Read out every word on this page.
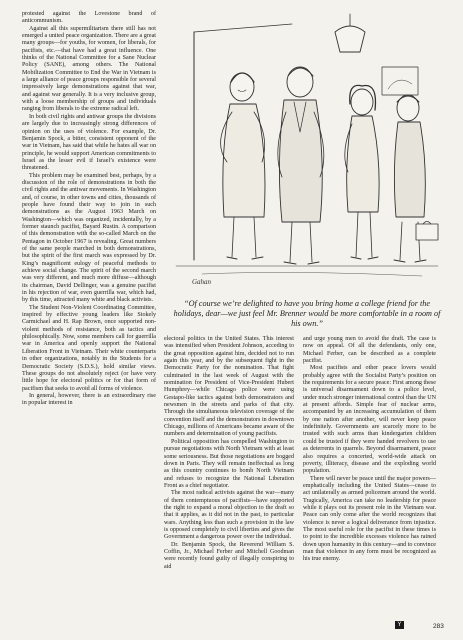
protested against the Lovestone brand of anticommunism.

Against all this supermilitarism there still has not emerged a united peace organization. There are a great many groups—for youths, for women, for liberals, for pacifists, etc.—that have had a great influence. One thinks of the National Committee for a Sane Nuclear Policy (SANE), among others. The National Mobilization Committee to End the War in Vietnam is a large alliance of peace groups responsible for several impressively large demonstrations against that war, and against war generally. It is a very inclusive group, with a loose membership of groups and individuals ranging from liberals to the extreme radical left.

In both civil rights and antiwar groups the divisions are largely due to increasingly strong differences of opinion on the uses of violence. For example, Dr. Benjamin Spock, a bitter, consistent opponent of the war in Vietnam, has said that while he hates all war on principle, he would support American commitments to Israel as the lesser evil if Israel’s existence were threatened.

This problem may be examined best, perhaps, by a discussion of the role of demonstrations in both the civil rights and the antiwar movements. In Washington and, of course, in other towns and cities, thousands of people have found their way to join in such demonstrations as the August 1963 March on Washington—which was organized, incidentally, by a former staunch pacifist, Bayard Rustin. A comparison of this demonstration with the so-called March on the Pentagon in October 1967 is revealing. Great numbers of the same people marched in both demonstrations, but the spirit of the first march was expressed by Dr. King’s magnificent eulogy of peaceful methods to achieve social change. The spirit of the second march was very different, and much more diffuse—although its chairman, David Dellinger, was a genuine pacifist in his rejection of war, even guerrilla war, which had, by this time, attracted many white and black activists.

The Student Non-Violent Coordinating Committee, inspired by effective young leaders like Stokely Carmichael and H. Rap Brown, once supported non-violent methods of resistance, both as tactics and philosophically. Now, some members call for guerrilla war in America and openly support the National Liberation Front in Vietnam. Their white counterparts in other organizations, notably in the Students for a Democratic Society (S.D.S.), hold similar views. These groups do not absolutely reject (or have very little hope for electoral politics or for that form of pacifism that seeks to avoid all forms of violence.

In general, however, there is an extraordinary rise in popular interest in

Gahan
“Of course we’re delighted to have you bring home a college friend for the holidays, dear—we just feel Mr. Brenner would be more comfortable in a room of his own.”

electoral politics in the United States. This interest was intensified when President Johnson, acceding to the great opposition against him, decided not to run again this year, and by the subsequent fight in the Democratic Party for the nomination. That fight culminated in the last week of August with the nomination for President of Vice-President Hubert Humphrey—while Chicago police were using Gestapo-like tactics against both demonstrators and newsmen in the streets and parks of that city. Through the simultaneous television coverage of the convention itself and the demonstrators in downtown Chicago, millions of Americans became aware of the numbers and determination of young pacifists.

Political opposition has compelled Washington to pursue negotiations with North Vietnam with at least some seriousness. But those negotiations are bogged down in Paris. They will remain ineffectual as long as this country continues to bomb North Vietnam and refuses to recognize the National Liberation Front as a chief negotiator.

The most radical activists against the war—many of them contemptuous of pacifists—have supported the right to expand a moral objection to the draft so that it applies, as it did not in the past, to particular wars. Anything less than such a provision in the law is opposed completely to civil liberties and gives the Government a dangerous power over the individual.

Dr. Benjamin Spock, the Reverend William S. Coffin, Jr., Michael Ferber and Mitchell Goodman were recently found guilty of illegally conspiring to aid

and urge young men to avoid the draft. The case is now on appeal. Of all the defendants, only one, Michael Ferber, can be described as a complete pacifist.

Most pacifists and other peace lovers would probably agree with the Socialist Party’s position on the requirements for a secure peace: First among these is universal disarmament down to a police level, under much stronger international control than the UN at present affords. Simple fear of nuclear arms, accompanied by an increasing accumulation of them by one nation after another, will never keep peace indefinitely. Governments are scarcely more to be trusted with such arms than kindergarten children could be trusted if they were handed revolvers to use as deterrents in quarrels. Beyond disarmament, peace also requires a concerted, world-wide attack on poverty, illiteracy, disease and the exploding world population.

There will never be peace until the major powers—emphatically including the United States—cease to act unilaterally as armed policemen around the world. Tragically, America can take no leadership for peace while it plays out its present role in the Vietnam war. Peace can only come after the world recognizes that violence is never a logical deliverance from injustice. The most useful role for the pacifist in these times is to point to the incredible excesses violence has rained down upon humanity in this century—and to convince man that violence in any form must be recognized as his true enemy.

Y	283
